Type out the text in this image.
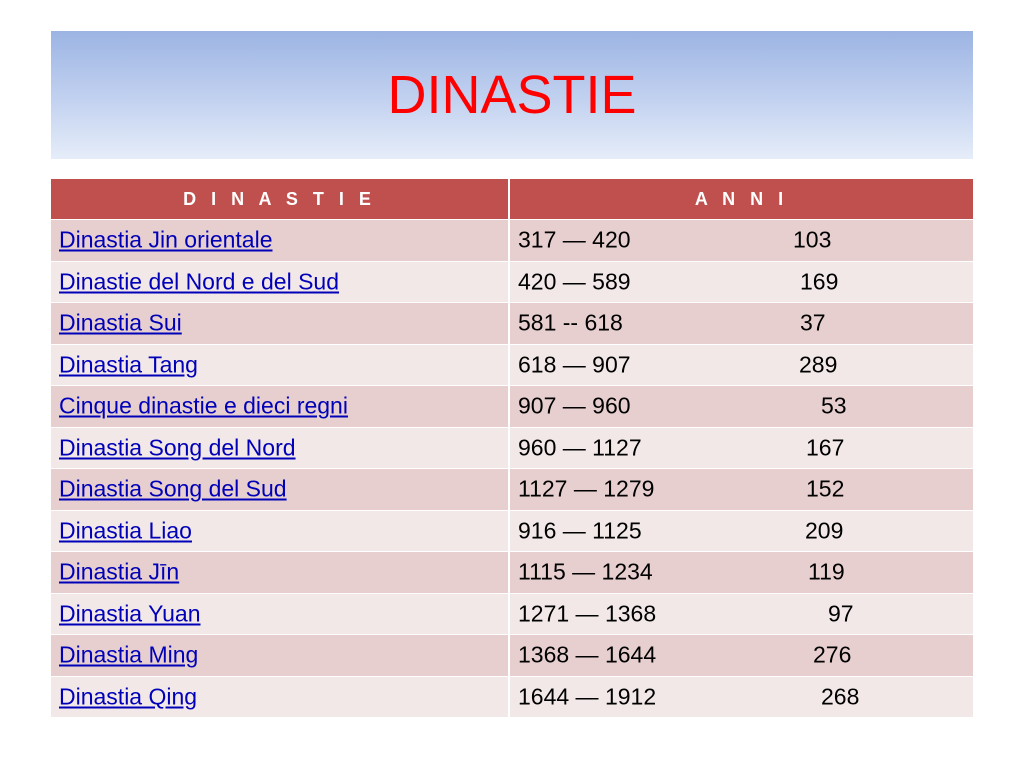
DINASTIE
D I N A S T I E	A N N I
Dinastia Jin orientale	317 — 420	103
Dinastie del Nord e del Sud	420 — 589	169
Dinastia Sui	581 -- 618	37
Dinastia Tang	618 — 907	289
Cinque dinastie e dieci regni	907 — 960	53
Dinastia Song del Nord	960 — 1127	167
Dinastia Song del Sud	1127 — 1279	152
Dinastia Liao	916 — 1125	209
Dinastia Jīn	1115 — 1234	119
Dinastia Yuan	1271 — 1368	97
Dinastia Ming	1368 — 1644	276
Dinastia Qing	1644 — 1912	268
